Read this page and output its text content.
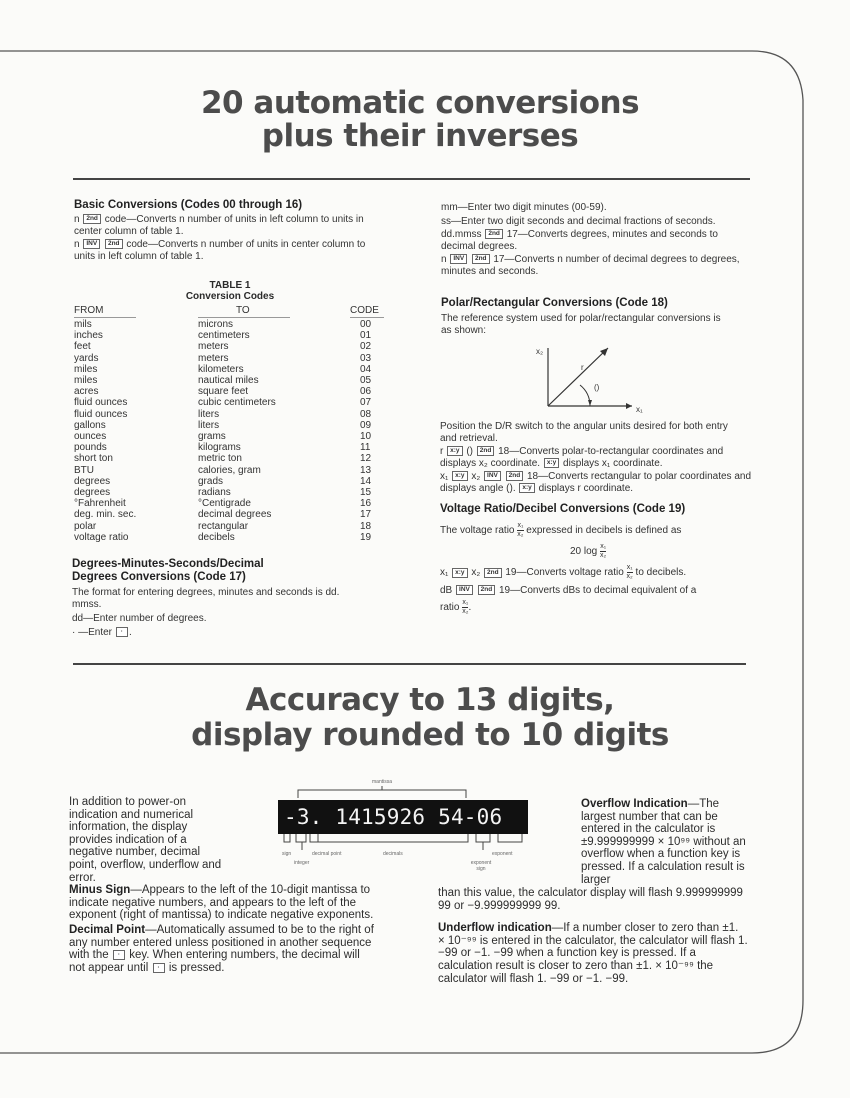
20 automatic conversions
plus their inverses
Basic Conversions (Codes 00 through 16)
n 2nd code—Converts n number of units in left column to units in center column of table 1.
n INV 2nd code—Converts n number of units in center column to units in left column of table 1.
TABLE 1
Conversion Codes
FROM	TO	CODE
mils	microns	00
inches	centimeters	01
feet	meters	02
yards	meters	03
miles	kilometers	04
miles	nautical miles	05
acres	square feet	06
fluid ounces	cubic centimeters	07
fluid ounces	liters	08
gallons	liters	09
ounces	grams	10
pounds	kilograms	11
short ton	metric ton	12
BTU	calories, gram	13
degrees	grads	14
degrees	radians	15
°Fahrenheit	°Centigrade	16
deg. min. sec.	decimal degrees	17
polar	rectangular	18
voltage ratio	decibels	19
Degrees-Minutes-Seconds/Decimal
Degrees Conversions (Code 17)
The format for entering degrees, minutes and seconds is dd. mmss.
dd—Enter number of degrees.
· —Enter · .
mm—Enter two digit minutes (00-59).
ss—Enter two digit seconds and decimal fractions of seconds.
dd.mmss 2nd 17—Converts degrees, minutes and seconds to decimal degrees.
n INV 2nd 17—Converts n number of decimal degrees to degrees, minutes and seconds.
Polar/Rectangular Conversions (Code 18)
The reference system used for polar/rectangular conversions is as shown:
x₂
x₁
r
()
Position the D/R switch to the angular units desired for both entry and retrieval.
r x:y () 2nd 18—Converts polar-to-rectangular coordinates and displays x₂ coordinate. x:y displays x₁ coordinate.
x₁ x:y x₂ INV 2nd 18—Converts rectangular to polar coordinates and displays angle (). x:y displays r coordinate.
Voltage Ratio/Decibel Conversions (Code 19)
The voltage ratio $\frac{\text{x₁}}{\text{x₂}}$ expressed in decibels is defined as
20 $\log \frac{\text{x₁}}{\text{x₂}}$
x₁ x:y x₂ 2nd 19—Converts voltage ratio $\frac{\text{x₁}}{\text{x₂}}$ to decibels.
dB INV 2nd 19—Converts dBs to decimal equivalent of a
ratio $\frac{\text{x₁}}{\text{x₂}}$ .
Accuracy to 13 digits,
display rounded to 10 digits
mantissa
-3. 1415926 54-06
sign
integer
decimal point	decimals
exponent sign
exponent
In addition to power-on indication and numerical information, the display provides indication of a negative number, decimal point, overflow, underflow and error.
Minus Sign—Appears to the left of the 10-digit mantissa to indicate negative numbers, and appears to the left of the exponent (right of mantissa) to indicate negative exponents.
Decimal Point—Automatically assumed to be to the right of any number entered unless positioned in another sequence with the · key. When entering numbers, the decimal will not appear until · is pressed.
Overflow Indication—The largest number that can be entered in the calculator is ±9.999999999 × 10⁹⁹ without an overflow when a function key is pressed. If a calculation result is larger
than this value, the calculator display will flash 9.999999999 99 or −9.999999999 99.
Underflow indication—If a number closer to zero than ±1. × 10⁻⁹⁹ is entered in the calculator, the calculator will flash 1. −99 or −1. −99 when a function key is pressed. If a calculation result is closer to zero than ±1. × 10⁻⁹⁹ the calculator will flash 1. −99 or −1. −99.
